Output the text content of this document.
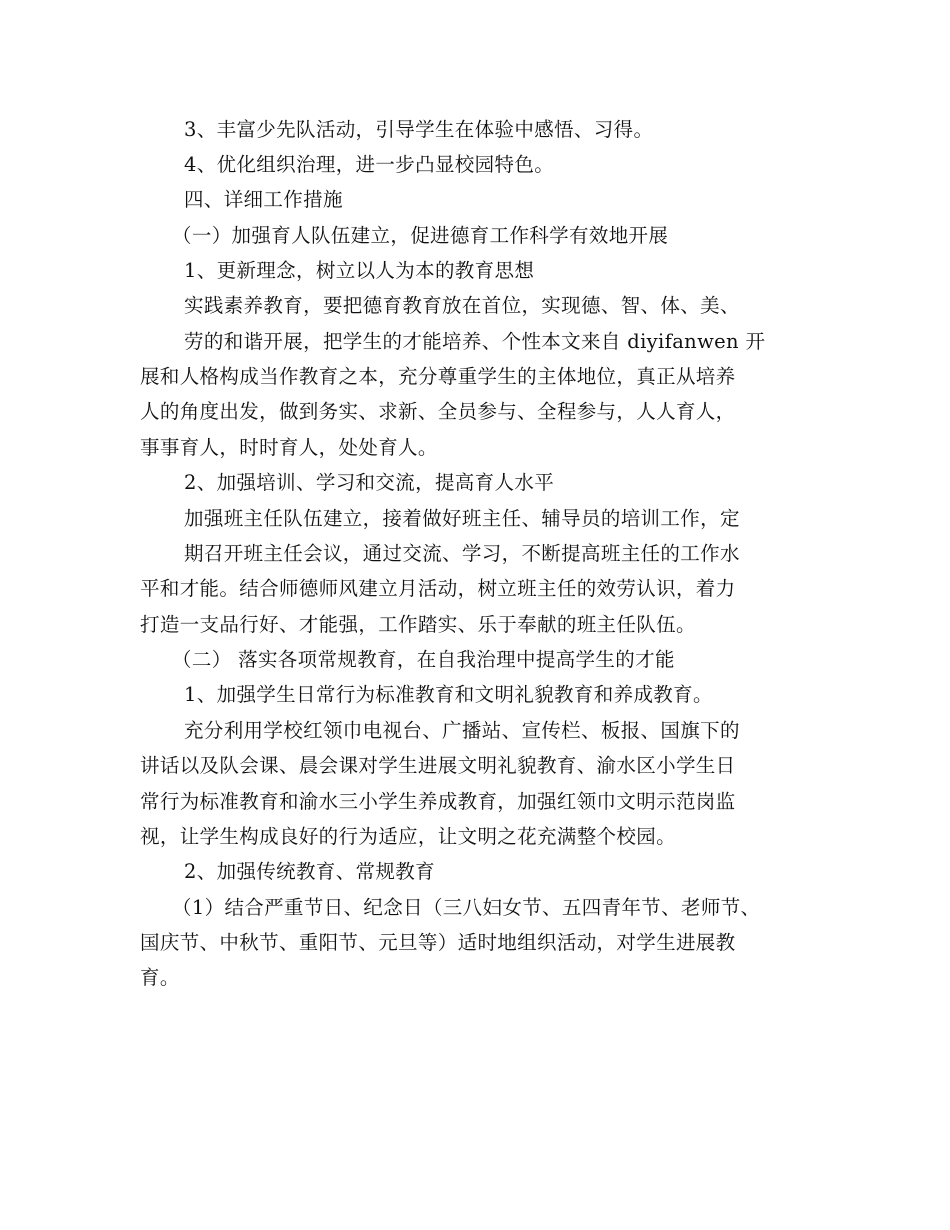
3、丰富少先队活动，引导学生在体验中感悟、习得。
4、优化组织治理，进一步凸显校园特色。
四、详细工作措施
（一）加强育人队伍建立，促进德育工作科学有效地开展
1、更新理念，树立以人为本的教育思想
实践素养教育，要把德育教育放在首位，实现德、智、体、美、
劳的和谐开展，把学生的才能培养、个性本文来自 diyifanwen 开
展和人格构成当作教育之本，充分尊重学生的主体地位，真正从培养
人的角度出发，做到务实、求新、全员参与、全程参与，人人育人，
事事育人，时时育人，处处育人。
2、加强培训、学习和交流，提高育人水平
加强班主任队伍建立，接着做好班主任、辅导员的培训工作，定
期召开班主任会议，通过交流、学习，不断提高班主任的工作水
平和才能。结合师德师风建立月活动，树立班主任的效劳认识，着力
打造一支品行好、才能强，工作踏实、乐于奉献的班主任队伍。
（二） 落实各项常规教育，在自我治理中提高学生的才能
1、加强学生日常行为标准教育和文明礼貌教育和养成教育。
充分利用学校红领巾电视台、广播站、宣传栏、板报、国旗下的
讲话以及队会课、晨会课对学生进展文明礼貌教育、渝水区小学生日
常行为标准教育和渝水三小学生养成教育，加强红领巾文明示范岗监
视，让学生构成良好的行为适应，让文明之花充满整个校园。
2、加强传统教育、常规教育
（1）结合严重节日、纪念日（三八妇女节、五四青年节、老师节、
国庆节、中秋节、重阳节、元旦等）适时地组织活动，对学生进展教
育。
